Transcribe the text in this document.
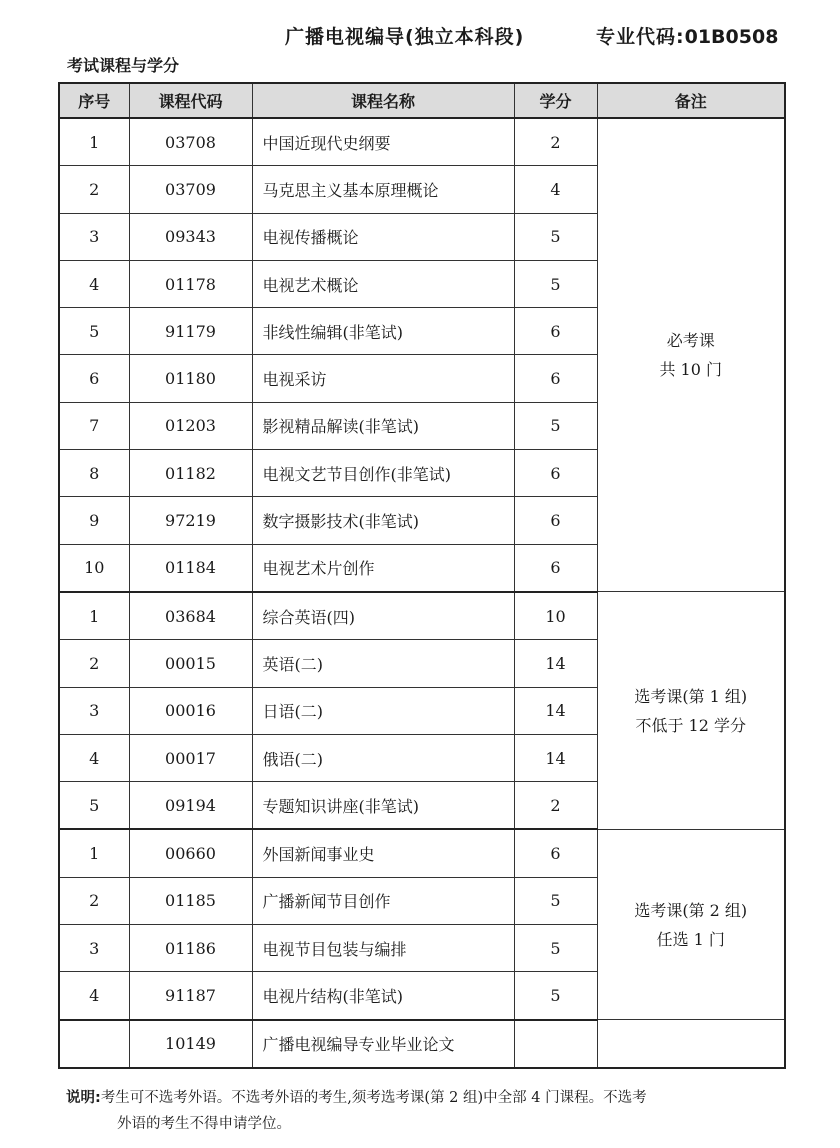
广播电视编导(独立本科段)	专业代码:01B0508
考试课程与学分
序号	课程代码	课程名称	学分	备注
1	03708	中国近现代史纲要	2	必考课
共 10 门

2	03709	马克思主义基本原理概论	4	
3	09343	电视传播概论	5	
4	01178	电视艺术概论	5	
5	91179	非线性编辑(非笔试)	6	
6	01180	电视采访	6	
7	01203	影视精品解读(非笔试)	5	
8	01182	电视文艺节目创作(非笔试)	6	
9	97219	数字摄影技术(非笔试)	6	
10	01184	电视艺术片创作	6	
1	03684	综合英语(四)	10	选考课(第 1 组)
不低于 12 学分

2	00015	英语(二)	14	
3	00016	日语(二)	14	
4	00017	俄语(二)	14	
5	09194	专题知识讲座(非笔试)	2	
1	00660	外国新闻事业史	6	选考课(第 2 组)
任选 1 门

2	01185	广播新闻节目创作	5	
3	01186	电视节目包装与编排	5	
4	91187	电视片结构(非笔试)	5	
	10149	广播电视编导专业毕业论文		
说明:考生可不选考外语。不选考外语的考生,须考选考课(第 2 组)中全部 4 门课程。不选考
外语的考生不得申请学位。
